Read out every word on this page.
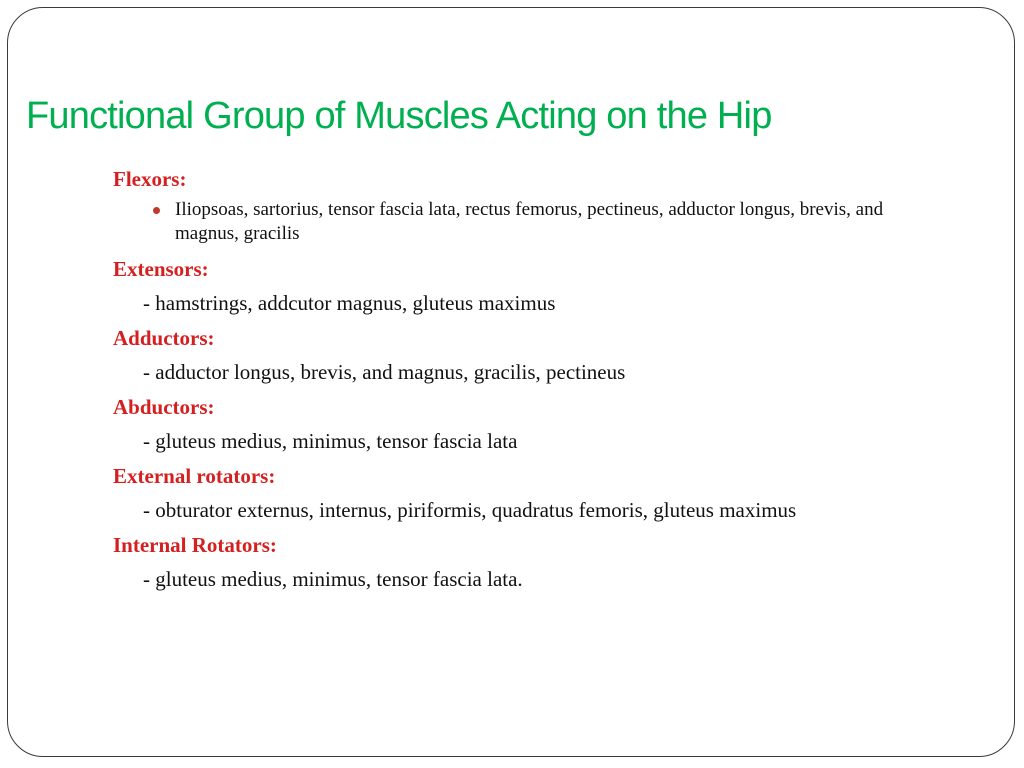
Functional Group of Muscles Acting on the Hip
Flexors:
Iliopsoas, sartorius, tensor fascia lata, rectus femorus, pectineus, adductor longus, brevis, and magnus, gracilis
Extensors:
- hamstrings, addcutor magnus, gluteus maximus
Adductors:
- adductor longus, brevis, and magnus, gracilis, pectineus
Abductors:
- gluteus medius, minimus, tensor fascia lata
External rotators:
- obturator externus, internus, piriformis, quadratus femoris, gluteus maximus
Internal Rotators:
- gluteus medius, minimus, tensor fascia lata.
